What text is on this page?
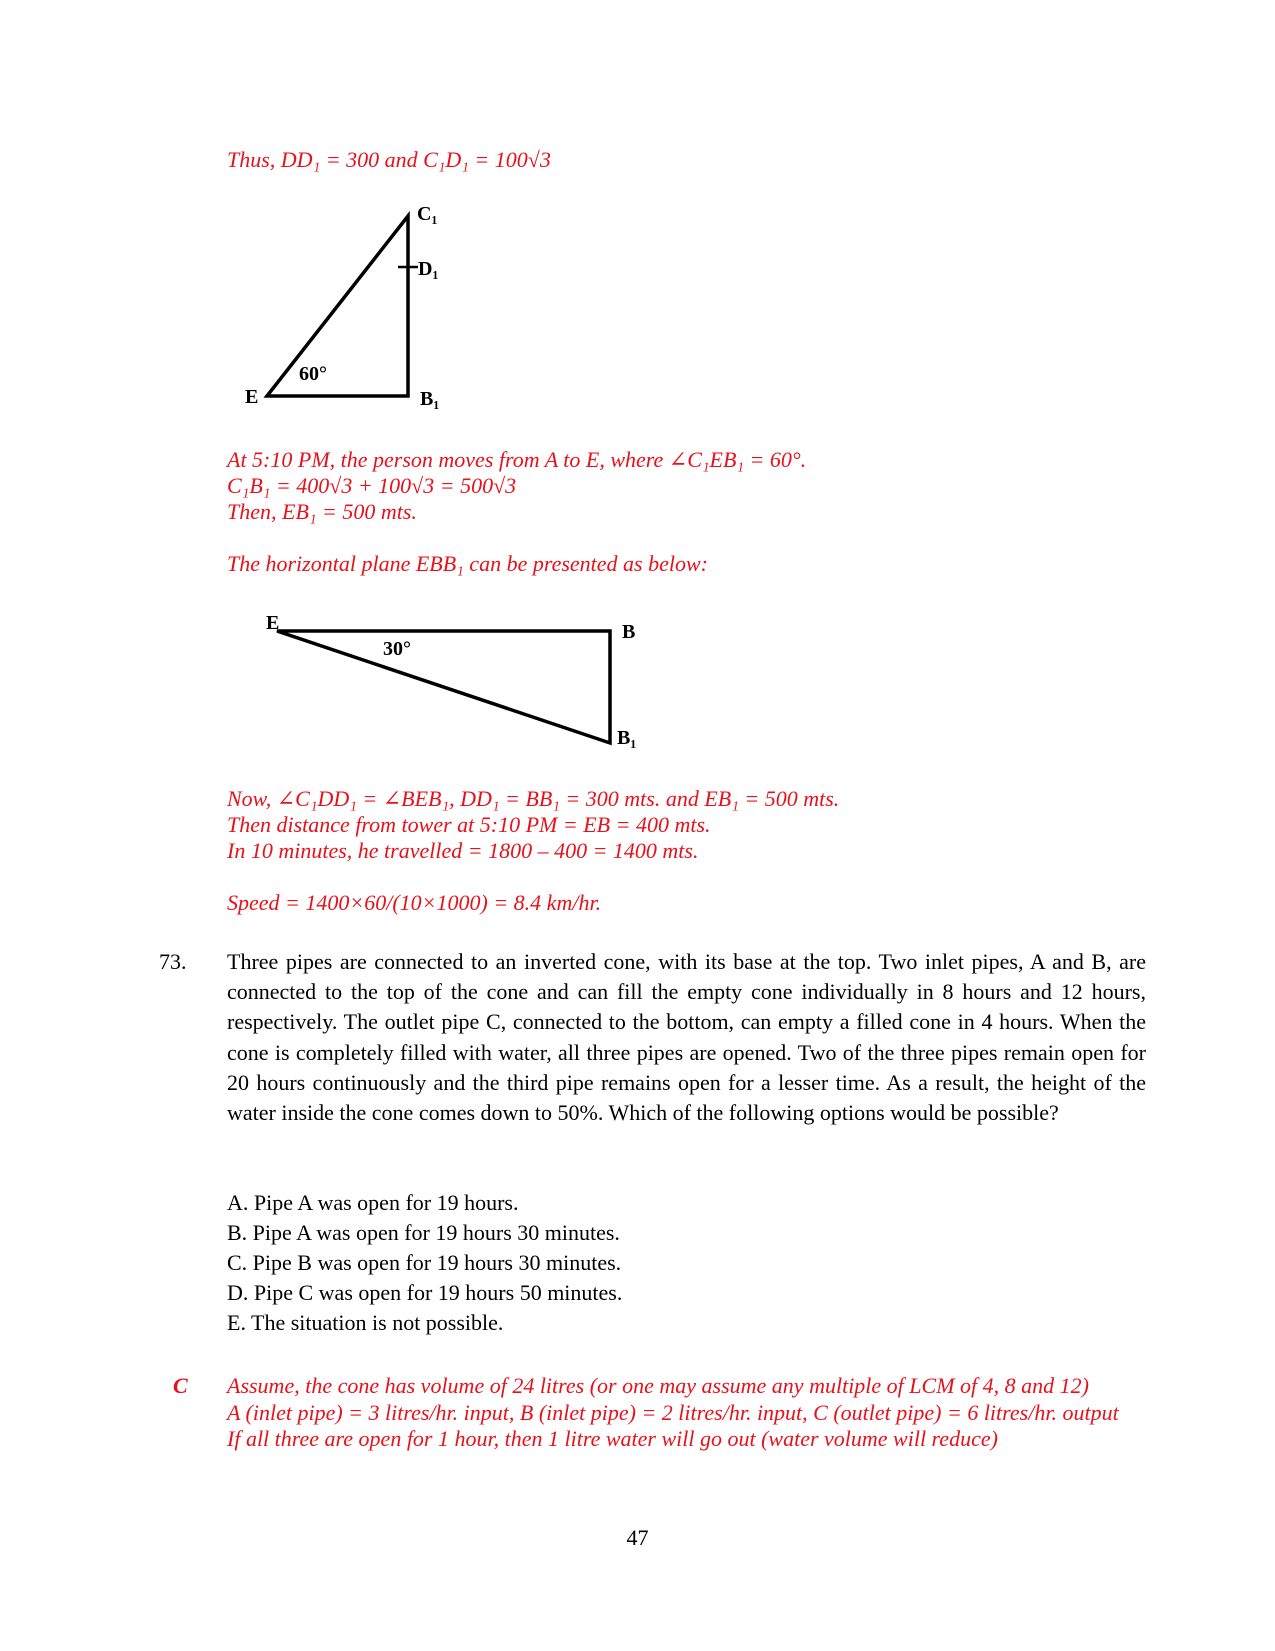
Thus, DD₁ = 300 and C₁D₁ = 100√3
C₁
D₁
E	B₁
60°
At 5:10 PM, the person moves from A to E, where ∠C₁EB₁ = 60°.
C₁B₁ = 400√3 + 100√3 = 500√3
Then, EB₁ = 500 mts.
The horizontal plane EBB₁ can be presented as below:
E	B
B₁
30°
Now, ∠C₁DD₁ = ∠BEB₁, DD₁ = BB₁ = 300 mts. and EB₁ = 500 mts.
Then distance from tower at 5:10 PM = EB = 400 mts.
In 10 minutes, he travelled = 1800 – 400 = 1400 mts.
Speed = 1400×60/(10×1000) = 8.4 km/hr.
73. Three pipes are connected to an inverted cone, with its base at the top. Two inlet pipes, A and B, are connected to the top of the cone and can fill the empty cone individually in 8 hours and 12 hours, respectively. The outlet pipe C, connected to the bottom, can empty a filled cone in 4 hours. When the cone is completely filled with water, all three pipes are opened. Two of the three pipes remain open for 20 hours continuously and the third pipe remains open for a lesser time. As a result, the height of the water inside the cone comes down to 50%. Which of the following options would be possible?
A. Pipe A was open for 19 hours.
B. Pipe A was open for 19 hours 30 minutes.
C. Pipe B was open for 19 hours 30 minutes.
D. Pipe C was open for 19 hours 50 minutes.
E. The situation is not possible.
C Assume, the cone has volume of 24 litres (or one may assume any multiple of LCM of 4, 8 and 12)
A (inlet pipe) = 3 litres/hr. input, B (inlet pipe) = 2 litres/hr. input, C (outlet pipe) = 6 litres/hr. output
If all three are open for 1 hour, then 1 litre water will go out (water volume will reduce)
47
